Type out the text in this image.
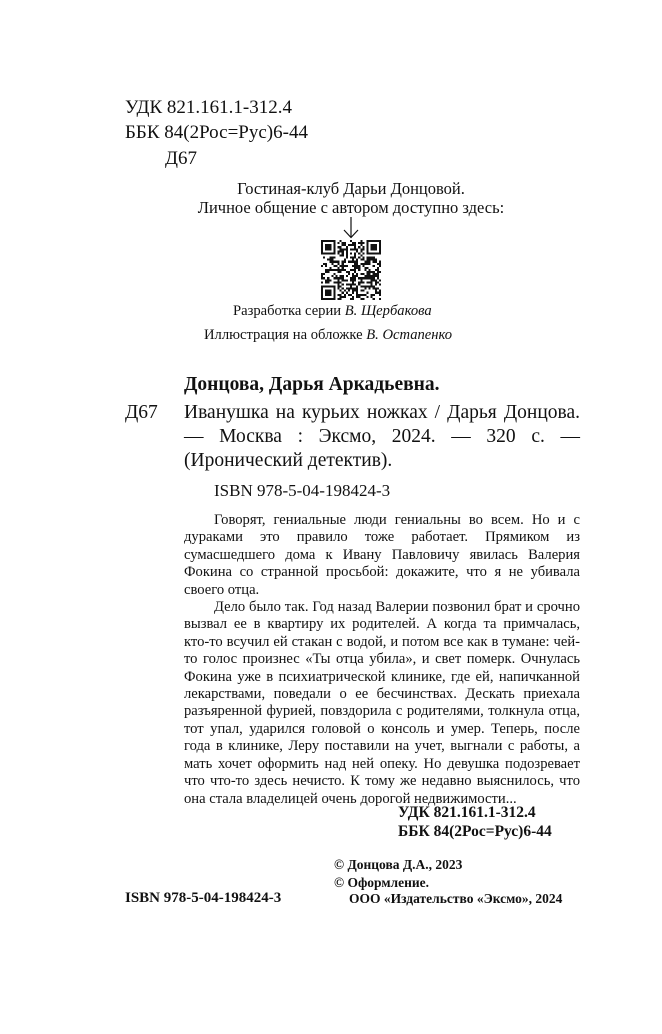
УДК 821.161.1-312.4
ББК 84(2Рос=Рус)6-44
Д67
Гостиная-клуб Дарьи Донцовой.
Личное общение с автором доступно здесь:
Разработка серии В. Щербакова
Иллюстрация на обложке В. Остапенко
Донцова, Дарья Аркадьевна.
Д67 Иванушка на курьих ножках / Дарья Донцова. — Москва : Эксмо, 2024. — 320 с. — (Иронический детектив).
ISBN 978-5-04-198424-3

Говорят, гениальные люди гениальны во всем. Но и с дураками это правило тоже работает. Прямиком из сумасшедшего дома к Ивану Павловичу явилась Валерия Фокина со странной просьбой: докажите, что я не убивала своего отца.

Дело было так. Год назад Валерии позвонил брат и срочно вызвал ее в квартиру их родителей. А когда та примчалась, кто-то всучил ей стакан с водой, и потом все как в тумане: чей-то голос произнес «Ты отца убила», и свет померк. Очнулась Фокина уже в психиатрической клинике, где ей, напичканной лекарствами, поведали о ее бесчинствах. Дескать приехала разъяренной фурией, повздорила с родителями, толкнула отца, тот упал, ударился головой о консоль и умер. Теперь, после года в клинике, Леру поставили на учет, выгнали с работы, а мать хочет оформить над ней опеку. Но девушка подозревает что что-то здесь нечисто. К тому же недавно выяснилось, что она стала владелицей очень дорогой недвижимости...

УДК 821.161.1-312.4
ББК 84(2Рос=Рус)6-44
© Донцова Д.А., 2023
© Оформление.
ISBN 978-5-04-198424-3	ООО «Издательство «Эксмо», 2024
